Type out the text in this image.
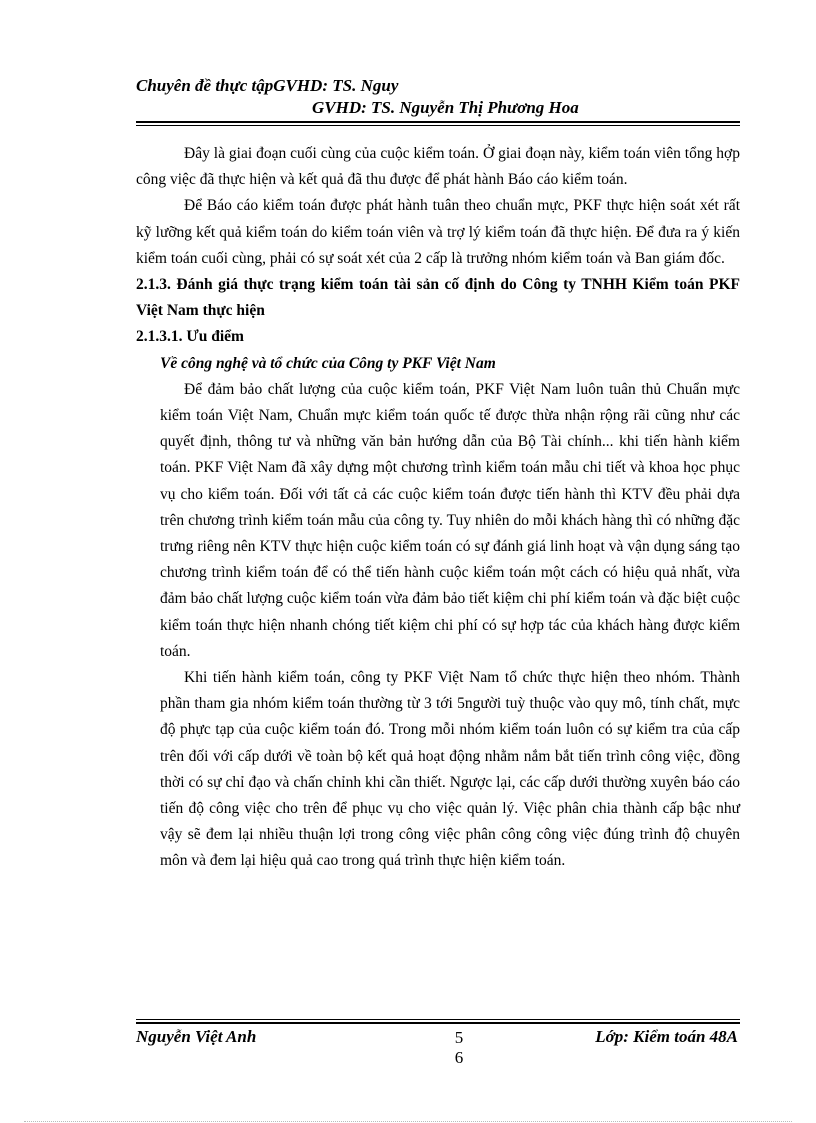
Chuyên đề thực tậpGVHD: TS. Nguy
GVHD: TS. Nguyễn Thị Phương Hoa

Đây là giai đoạn cuối cùng của cuộc kiểm toán. Ở giai đoạn này, kiểm toán viên tổng hợp công việc đã thực hiện và kết quả đã thu được để phát hành Báo cáo kiểm toán.

Để Báo cáo kiểm toán được phát hành tuân theo chuẩn mực, PKF thực hiện soát xét rất kỹ lưỡng kết quả kiểm toán do kiểm toán viên và trợ lý kiểm toán đã thực hiện. Để đưa ra ý kiến kiểm toán cuối cùng, phải có sự soát xét của 2 cấp là trưởng nhóm kiểm toán và Ban giám đốc.

2.1.3. Đánh giá thực trạng kiểm toán tài sản cố định do Công ty TNHH Kiểm toán PKF Việt Nam thực hiện

2.1.3.1. Ưu điểm

Về công nghệ và tổ chức của Công ty PKF Việt Nam

Để đảm bảo chất lượng của cuộc kiểm toán, PKF Việt Nam luôn tuân thủ Chuẩn mực kiểm toán Việt Nam, Chuẩn mực kiểm toán quốc tế được thừa nhận rộng rãi cũng như các quyết định, thông tư và những văn bản hướng dẫn của Bộ Tài chính... khi tiến hành kiểm toán. PKF Việt Nam đã xây dựng một chương trình kiểm toán mẫu chi tiết và khoa học phục vụ cho kiểm toán. Đối với tất cả các cuộc kiểm toán được tiến hành thì KTV đều phải dựa trên chương trình kiểm toán mẫu của công ty. Tuy nhiên do mỗi khách hàng thì có những đặc trưng riêng nên KTV thực hiện cuộc kiểm toán có sự đánh giá linh hoạt và vận dụng sáng tạo chương trình kiểm toán để có thể tiến hành cuộc kiểm toán một cách có hiệu quả nhất, vừa đảm bảo chất lượng cuộc kiểm toán vừa đảm bảo tiết kiệm chi phí kiểm toán và đặc biệt cuộc kiểm toán thực hiện nhanh chóng tiết kiệm chi phí có sự hợp tác của khách hàng được kiểm toán.

Khi tiến hành kiểm toán, công ty PKF Việt Nam tổ chức thực hiện theo nhóm. Thành phần tham gia nhóm kiểm toán thường từ 3 tới 5người tuỳ thuộc vào quy mô, tính chất, mực độ phực tạp của cuộc kiểm toán đó. Trong mỗi nhóm kiểm toán luôn có sự kiểm tra của cấp trên đối với cấp dưới về toàn bộ kết quả hoạt động nhằm nắm bắt tiến trình công việc, đồng thời có sự chỉ đạo và chấn chỉnh khi cần thiết. Ngược lại, các cấp dưới thường xuyên báo cáo tiến độ công việc cho trên để phục vụ cho việc quản lý. Việc phân chia thành cấp bậc như vậy sẽ đem lại nhiều thuận lợi trong công việc phân công công việc đúng trình độ chuyên môn và đem lại hiệu quả cao trong quá trình thực hiện kiểm toán.

Nguyễn Việt Anh	5
6
Lớp: Kiểm toán 48A
